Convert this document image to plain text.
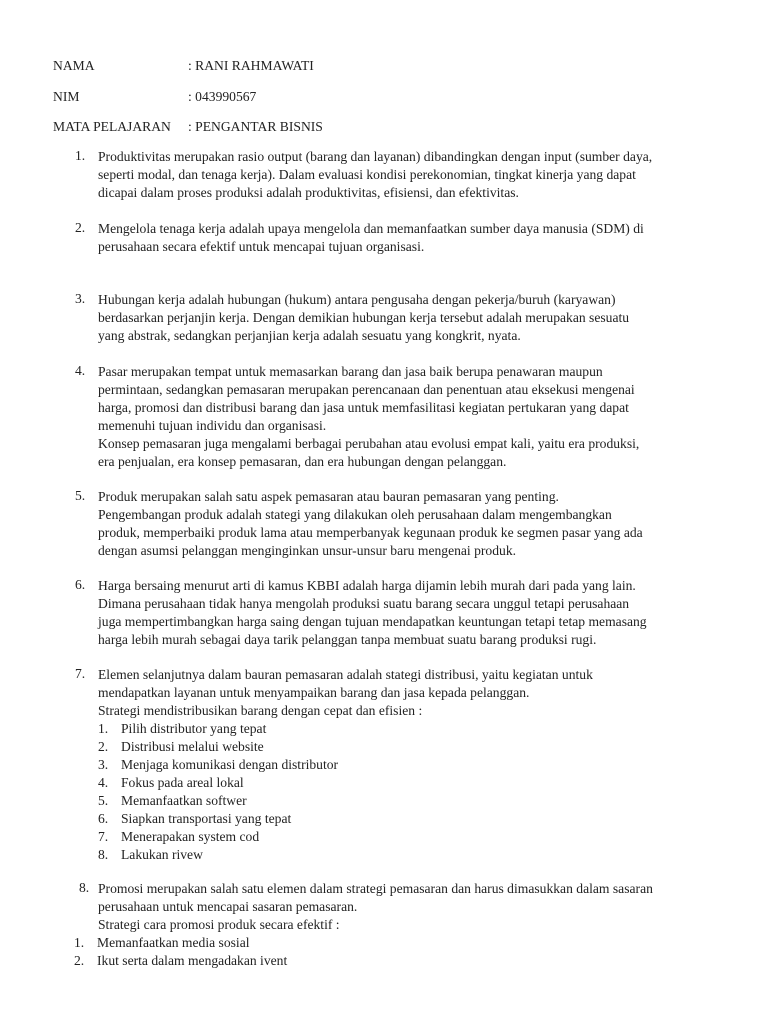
NAMA	: RANI RAHMAWATI
NIM	: 043990567
MATA PELAJARAN : PENGANTAR BISNIS
1. Produktivitas merupakan rasio output (barang dan layanan) dibandingkan dengan input (sumber daya,
seperti modal, dan tenaga kerja). Dalam evaluasi kondisi perekonomian, tingkat kinerja yang dapat
dicapai dalam proses produksi adalah produktivitas, efisiensi, dan efektivitas.
2. Mengelola tenaga kerja adalah upaya mengelola dan memanfaatkan sumber daya manusia (SDM) di
perusahaan secara efektif untuk mencapai tujuan organisasi.
3. Hubungan kerja adalah hubungan (hukum) antara pengusaha dengan pekerja/buruh (karyawan)
berdasarkan perjanjin kerja. Dengan demikian hubungan kerja tersebut adalah merupakan sesuatu
yang abstrak, sedangkan perjanjian kerja adalah sesuatu yang kongkrit, nyata.
4. Pasar merupakan tempat untuk memasarkan barang dan jasa baik berupa penawaran maupun
permintaan, sedangkan pemasaran merupakan perencanaan dan penentuan atau eksekusi mengenai
harga, promosi dan distribusi barang dan jasa untuk memfasilitasi kegiatan pertukaran yang dapat
memenuhi tujuan individu dan organisasi.
Konsep pemasaran juga mengalami berbagai perubahan atau evolusi empat kali, yaitu era produksi,
era penjualan, era konsep pemasaran, dan era hubungan dengan pelanggan.
5. Produk merupakan salah satu aspek pemasaran atau bauran pemasaran yang penting.
Pengembangan produk adalah stategi yang dilakukan oleh perusahaan dalam mengembangkan
produk, memperbaiki produk lama atau memperbanyak kegunaan produk ke segmen pasar yang ada
dengan asumsi pelanggan menginginkan unsur-unsur baru mengenai produk.
6. Harga bersaing menurut arti di kamus KBBI adalah harga dijamin lebih murah dari pada yang lain.
Dimana perusahaan tidak hanya mengolah produksi suatu barang secara unggul tetapi perusahaan
juga mempertimbangkan harga saing dengan tujuan mendapatkan keuntungan tetapi tetap memasang
harga lebih murah sebagai daya tarik pelanggan tanpa membuat suatu barang produksi rugi.
7. Elemen selanjutnya dalam bauran pemasaran adalah stategi distribusi, yaitu kegiatan untuk
mendapatkan layanan untuk menyampaikan barang dan jasa kepada pelanggan.
Strategi mendistribusikan barang dengan cepat dan efisien :
1. Pilih distributor yang tepat
2. Distribusi melalui website
3. Menjaga komunikasi dengan distributor
4. Fokus pada areal lokal
5. Memanfaatkan softwer
6. Siapkan transportasi yang tepat
7. Menerapakan system cod
8. Lakukan rivew
8. Promosi merupakan salah satu elemen dalam strategi pemasaran dan harus dimasukkan dalam sasaran
perusahaan untuk mencapai sasaran pemasaran.
Strategi cara promosi produk secara efektif :
1. Memanfaatkan media sosial
2. Ikut serta dalam mengadakan ivent
